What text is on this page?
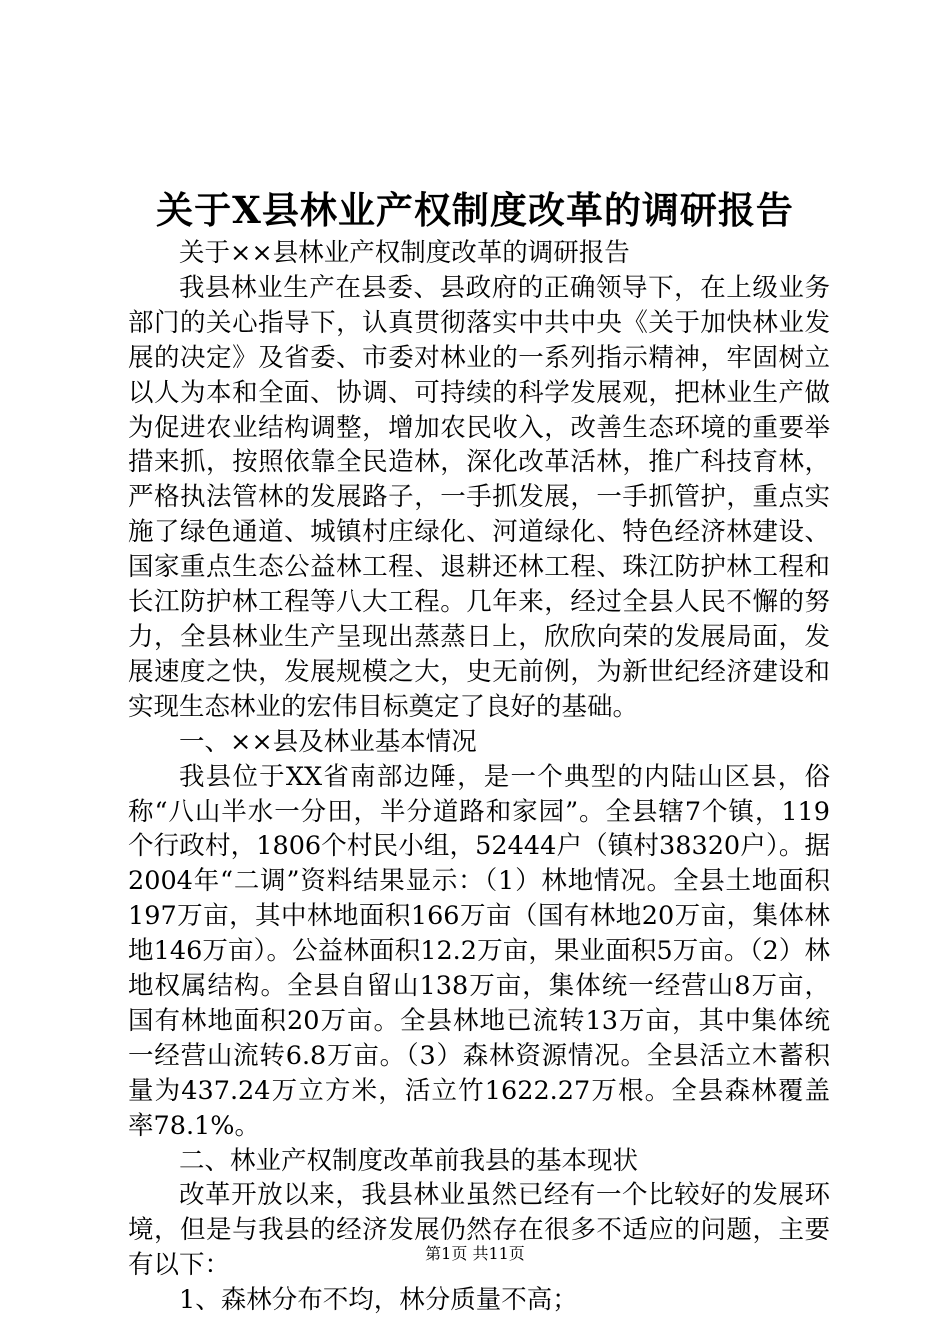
关于X县林业产权制度改革的调研报告

关于××县林业产权制度改革的调研报告

我县林业生产在县委、县政府的正确领导下，在上级业务部门的关心指导下，认真贯彻落实中共中央《关于加快林业发展的决定》及省委、市委对林业的一系列指示精神，牢固树立以人为本和全面、协调、可持续的科学发展观，把林业生产做为促进农业结构调整，增加农民收入，改善生态环境的重要举措来抓，按照依靠全民造林，深化改革活林，推广科技育林，严格执法管林的发展路子，一手抓发展，一手抓管护，重点实施了绿色通道、城镇村庄绿化、河道绿化、特色经济林建设、国家重点生态公益林工程、退耕还林工程、珠江防护林工程和长江防护林工程等八大工程。几年来，经过全县人民不懈的努力，全县林业生产呈现出蒸蒸日上，欣欣向荣的发展局面，发展速度之快，发展规模之大，史无前例，为新世纪经济建设和实现生态林业的宏伟目标奠定了良好的基础。

一、××县及林业基本情况

我县位于XX省南部边陲，是一个典型的内陆山区县，俗称“八山半水一分田，半分道路和家园”。全县辖7个镇，119个行政村，1806个村民小组，52444户（镇村38320户）。据2004年“二调”资料结果显示：（1）林地情况。全县土地面积197万亩，其中林地面积166万亩（国有林地20万亩，集体林地146万亩）。公益林面积12.2万亩，果业面积5万亩。（2）林地权属结构。全县自留山138万亩，集体统一经营山8万亩，国有林地面积20万亩。全县林地已流转13万亩，其中集体统一经营山流转6.8万亩。（3）森林资源情况。全县活立木蓄积量为437.24万立方米，活立竹1622.27万根。全县森林覆盖率78.1%。

二、林业产权制度改革前我县的基本现状

改革开放以来，我县林业虽然已经有一个比较好的发展环境，但是与我县的经济发展仍然存在很多不适应的问题，主要有以下：

1、森林分布不均，林分质量不高；

第1页 共11页
